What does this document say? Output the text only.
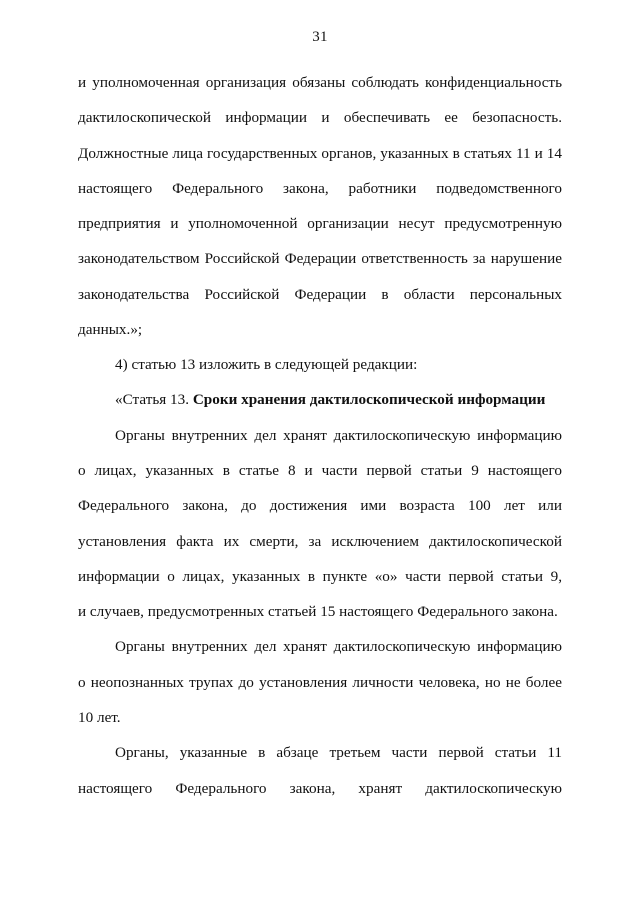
31
и уполномоченная организация обязаны соблюдать конфиденциальность
дактилоскопической информации и обеспечивать ее безопасность.
Должностные лица государственных органов, указанных в статьях 11 и 14
настоящего Федерального закона, работники подведомственного
предприятия и уполномоченной организации несут предусмотренную
законодательством Российской Федерации ответственность за нарушение
законодательства Российской Федерации в области персональных
данных.»;
4) статью 13 изложить в следующей редакции:
«Статья 13. Сроки хранения дактилоскопической информации
Органы внутренних дел хранят дактилоскопическую информацию
о лицах, указанных в статье 8 и части первой статьи 9 настоящего
Федерального закона, до достижения ими возраста 100 лет или
установления факта их смерти, за исключением дактилоскопической
информации о лицах, указанных в пункте «о» части первой статьи 9,
и случаев, предусмотренных статьей 15 настоящего Федерального закона.
Органы внутренних дел хранят дактилоскопическую информацию
о неопознанных трупах до установления личности человека, но не более
10 лет.
Органы, указанные в абзаце третьем части первой статьи 11
настоящего Федерального закона, хранят дактилоскопическую
